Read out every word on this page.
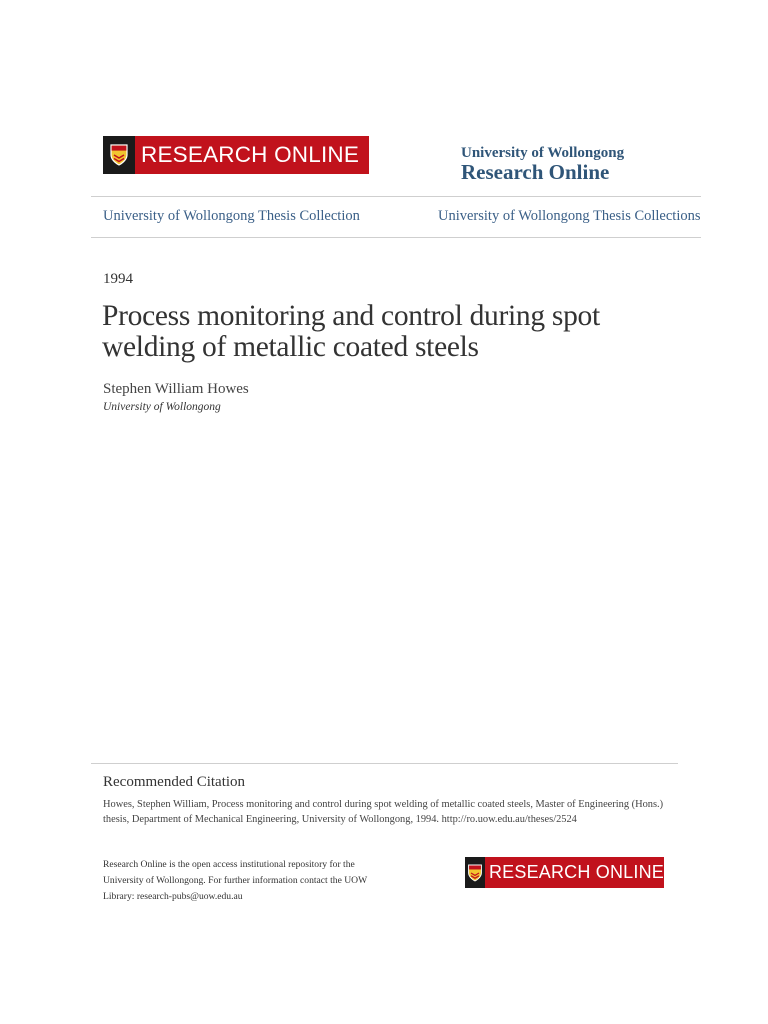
RESEARCH ONLINE	University of Wollongong
Research Online
University of Wollongong Thesis Collection	University of Wollongong Thesis Collections
1994
Process monitoring and control during spot welding of metallic coated steels
Stephen William Howes
University of Wollongong
Recommended Citation
Howes, Stephen William, Process monitoring and control during spot welding of metallic coated steels, Master of Engineering (Hons.) thesis, Department of Mechanical Engineering, University of Wollongong, 1994. http://ro.uow.edu.au/theses/2524
Research Online is the open access institutional repository for the University of Wollongong. For further information contact the UOW Library: research-pubs@uow.edu.au
RESEARCH ONLINE
